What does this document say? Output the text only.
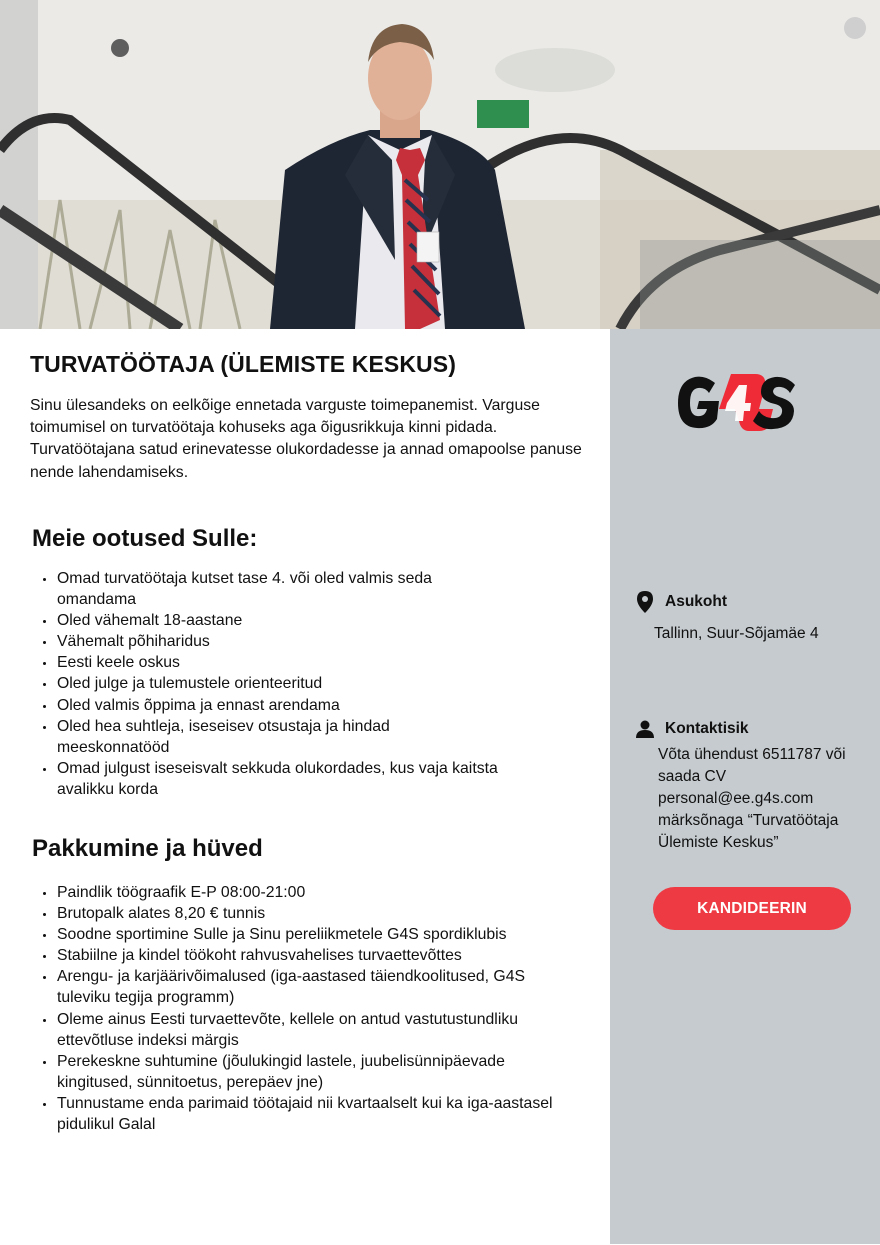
TURVATÖÖTAJA (ÜLEMISTE KESKUS)

Sinu ülesandeks on eelkõige ennetada varguste toimepanemist. Varguse toimumisel on turvatöötaja kohuseks aga õigusrikkuja kinni pidada. Turvatöötajana satud erinevatesse olukordadesse ja annad omapoolse panuse nende lahendamiseks.

Meie ootused Sulle:
Omad turvatöötaja kutset tase 4. või oled valmis seda omandama
Oled vähemalt 18-aastane
Vähemalt põhiharidus
Eesti keele oskus
Oled julge ja tulemustele orienteeritud
Oled valmis õppima ja ennast arendama
Oled hea suhtleja, iseseisev otsustaja ja hindad meeskonnatööd
Omad julgust iseseisvalt sekkuda olukordades, kus vaja kaitsta avalikku korda
Pakkumine ja hüved
Paindlik töögraafik E-P 08:00-21:00
Brutopalk alates 8,20 € tunnis
Soodne sportimine Sulle ja Sinu pereliikmetele G4S spordiklubis
Stabiilne ja kindel töökoht rahvusvahelises turvaettevõttes
Arengu- ja karjäärivõimalused (iga-aastased täiendkoolitused, G4S tuleviku tegija programm)
Oleme ainus Eesti turvaettevõte, kellele on antud vastutustundliku ettevõtluse indeksi märgis
Perekeskne suhtumine (jõulukingid lastele, juubelisünnipäevade kingitused, sünnitoetus, perepäev jne)
Tunnustame enda parimaid töötajaid nii kvartaalselt kui ka iga-aastasel pidulikul Galal
Asukoht
Tallinn, Suur-Sõjamäe 4
Kontaktisik
Võta ühendust 6511787 või saada CV personal@ee.g4s.com märksõnaga “Turvatöötaja Ülemiste Keskus”
KANDIDEERIN
